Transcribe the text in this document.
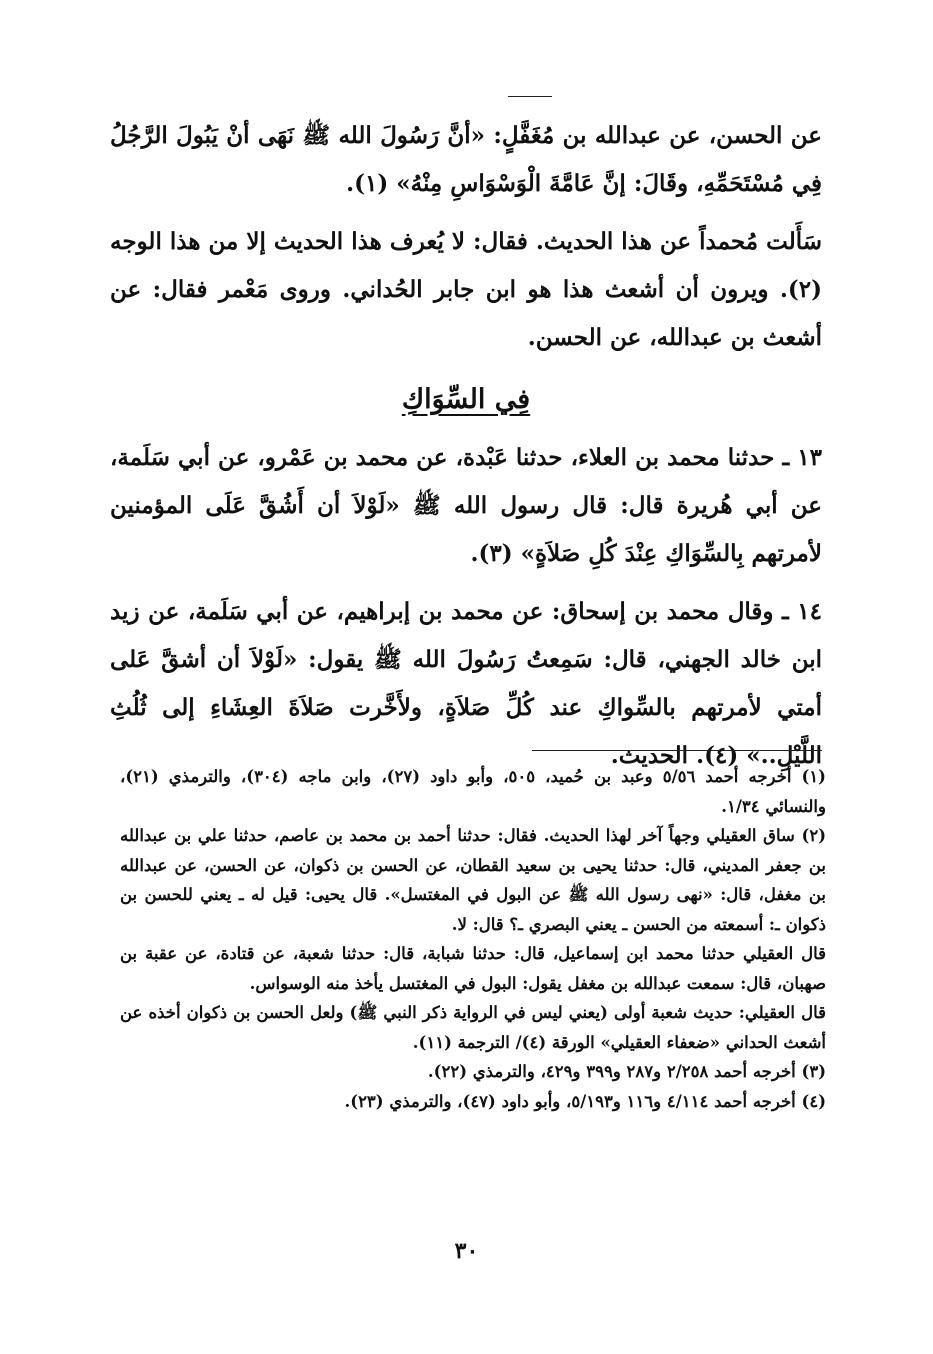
عن الحسن، عن عبدالله بن مُغَفَّلٍ: «أنَّ رَسُولَ الله ﷺ نَهَى أنْ يَبُولَ الرَّجُلُ فِي مُسْتَحَمِّهِ، وقَالَ: إنَّ عَامَّةَ الْوَسْوَاسِ مِنْهُ» (١).

سَأَلت مُحمداً عن هذا الحديث. فقال: لا يُعرف هذا الحديث إلا من هذا الوجه (٢). ويرون أن أشعث هذا هو ابن جابر الحُداني. وروى مَعْمر فقال: عن أشعث بن عبدالله، عن الحسن.

فِي السِّوَاكِ

١٣ ـ حدثنا محمد بن العلاء، حدثنا عَبْدة، عن محمد بن عَمْرو، عن أبي سَلَمة، عن أبي هُريرة قال: قال رسول الله ﷺ «لَوْلاَ أن أَشُقَّ عَلَى المؤمنين لأمرتهم بِالسِّوَاكِ عِنْدَ كُلِ صَلاَةٍ» (٣).

١٤ ـ وقال محمد بن إسحاق: عن محمد بن إبراهيم، عن أبي سَلَمة، عن زيد ابن خالد الجهني، قال: سَمِعتُ رَسُولَ الله ﷺ يقول: «لَوْلاَ أن أشقَّ عَلى أمتي لأمرتهم بالسِّواكِ عند كُلِّ صَلاَةٍ، ولأَخَّرت صَلاَةَ العِشَاءِ إلى ثُلُثِ اللَّيْلِ..» (٤). الحديث.

(١) أخرجه أحمد ٥/٥٦ وعبد بن حُميد، ٥٠٥، وأبو داود (٢٧)، وابن ماجه (٣٠٤)، والترمذي (٢١)، والنسائي ١/٣٤.

(٢) ساق العقيلي وجهاً آخر لهذا الحديث. فقال: حدثنا أحمد بن محمد بن عاصم، حدثنا علي بن عبدالله بن جعفر المديني، قال: حدثنا يحيى بن سعيد القطان، عن الحسن بن ذكوان، عن الحسن، عن عبدالله بن مغفل، قال: «نهى رسول الله ﷺ عن البول في المغتسل». قال يحيى: قيل له ـ يعني للحسن بن ذكوان ـ: أسمعته من الحسن ـ يعني البصري ـ؟ قال: لا.

قال العقيلي حدثنا محمد ابن إسماعيل، قال: حدثنا شبابة، قال: حدثنا شعبة، عن قتادة، عن عقبة بن صهبان، قال: سمعت عبدالله بن مغفل يقول: البول في المغتسل يأخذ منه الوسواس.

قال العقيلي: حديث شعبة أولى (يعني ليس في الرواية ذكر النبي ﷺ) ولعل الحسن بن ذكوان أخذه عن أشعث الحداني «ضعفاء العقيلي» الورقة (٤)/ الترجمة (١١).

(٣) أخرجه أحمد ٢/٢٥٨ و٢٨٧ و٣٩٩ و٤٢٩، والترمذي (٢٢).

(٤) أخرجه أحمد ٤/١١٤ و١١٦ و٥/١٩٣، وأبو داود (٤٧)، والترمذي (٢٣).

٣٠
